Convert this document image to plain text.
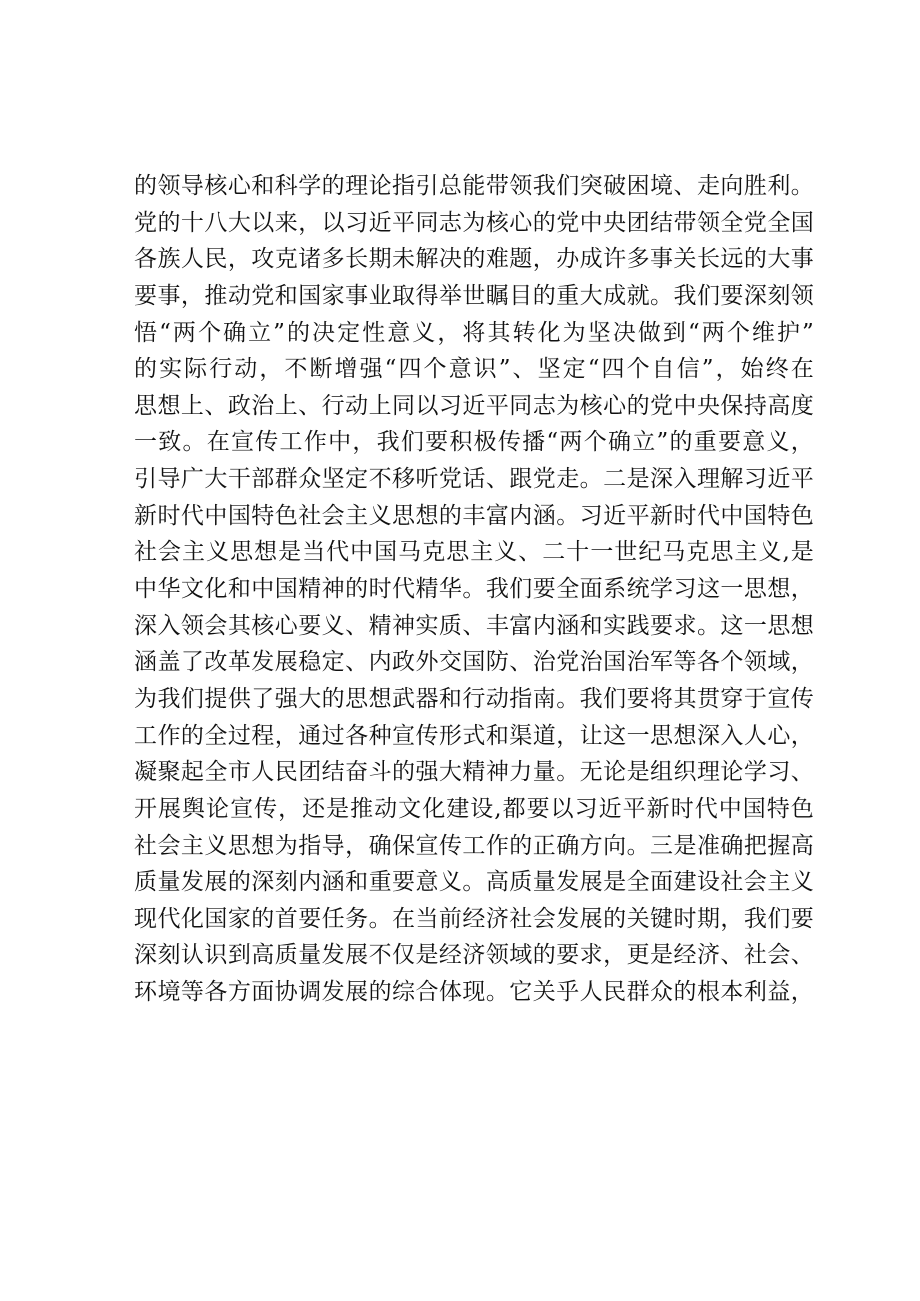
的领导核心和科学的理论指引总能带领我们突破困境、走向胜利。
党的十八大以来，以习近平同志为核心的党中央团结带领全党全国
各族人民，攻克诸多长期未解决的难题，办成许多事关长远的大事
要事，推动党和国家事业取得举世瞩目的重大成就。我们要深刻领
悟“两个确立”的决定性意义，将其转化为坚决做到“两个维护”
的实际行动，不断增强“四个意识”、坚定“四个自信”，始终在
思想上、政治上、行动上同以习近平同志为核心的党中央保持高度
一致。在宣传工作中，我们要积极传播“两个确立”的重要意义，
引导广大干部群众坚定不移听党话、跟党走。二是深入理解习近平
新时代中国特色社会主义思想的丰富内涵。习近平新时代中国特色
社会主义思想是当代中国马克思主义、二十一世纪马克思主义,是
中华文化和中国精神的时代精华。我们要全面系统学习这一思想，
深入领会其核心要义、精神实质、丰富内涵和实践要求。这一思想
涵盖了改革发展稳定、内政外交国防、治党治国治军等各个领域，
为我们提供了强大的思想武器和行动指南。我们要将其贯穿于宣传
工作的全过程，通过各种宣传形式和渠道，让这一思想深入人心，
凝聚起全市人民团结奋斗的强大精神力量。无论是组织理论学习、
开展舆论宣传，还是推动文化建设,都要以习近平新时代中国特色
社会主义思想为指导，确保宣传工作的正确方向。三是准确把握高
质量发展的深刻内涵和重要意义。高质量发展是全面建设社会主义
现代化国家的首要任务。在当前经济社会发展的关键时期，我们要
深刻认识到高质量发展不仅是经济领域的要求，更是经济、社会、
环境等各方面协调发展的综合体现。它关乎人民群众的根本利益，
